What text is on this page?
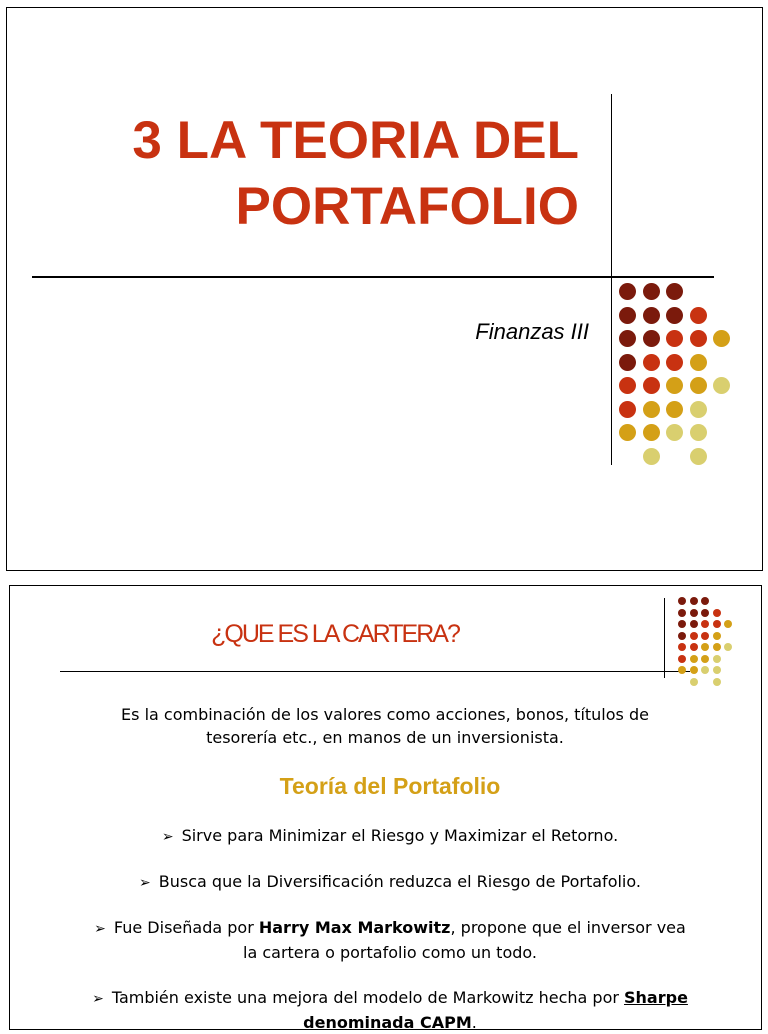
3 LA TEORIA DEL
PORTAFOLIO
Finanzas III
¿QUE ES LA CARTERA?
Es la combinación de los valores como acciones, bonos, títulos de tesorería etc., en manos de un inversionista.
Teoría del Portafolio
➢ Sirve para Minimizar el Riesgo y Maximizar el Retorno.
➢ Busca que la Diversificación reduzca el Riesgo de Portafolio.
➢ Fue Diseñada por Harry Max Markowitz, propone que el inversor vea la cartera o portafolio como un todo.
➢ También existe una mejora del modelo de Markowitz hecha por Sharpe
denominada CAPM.
